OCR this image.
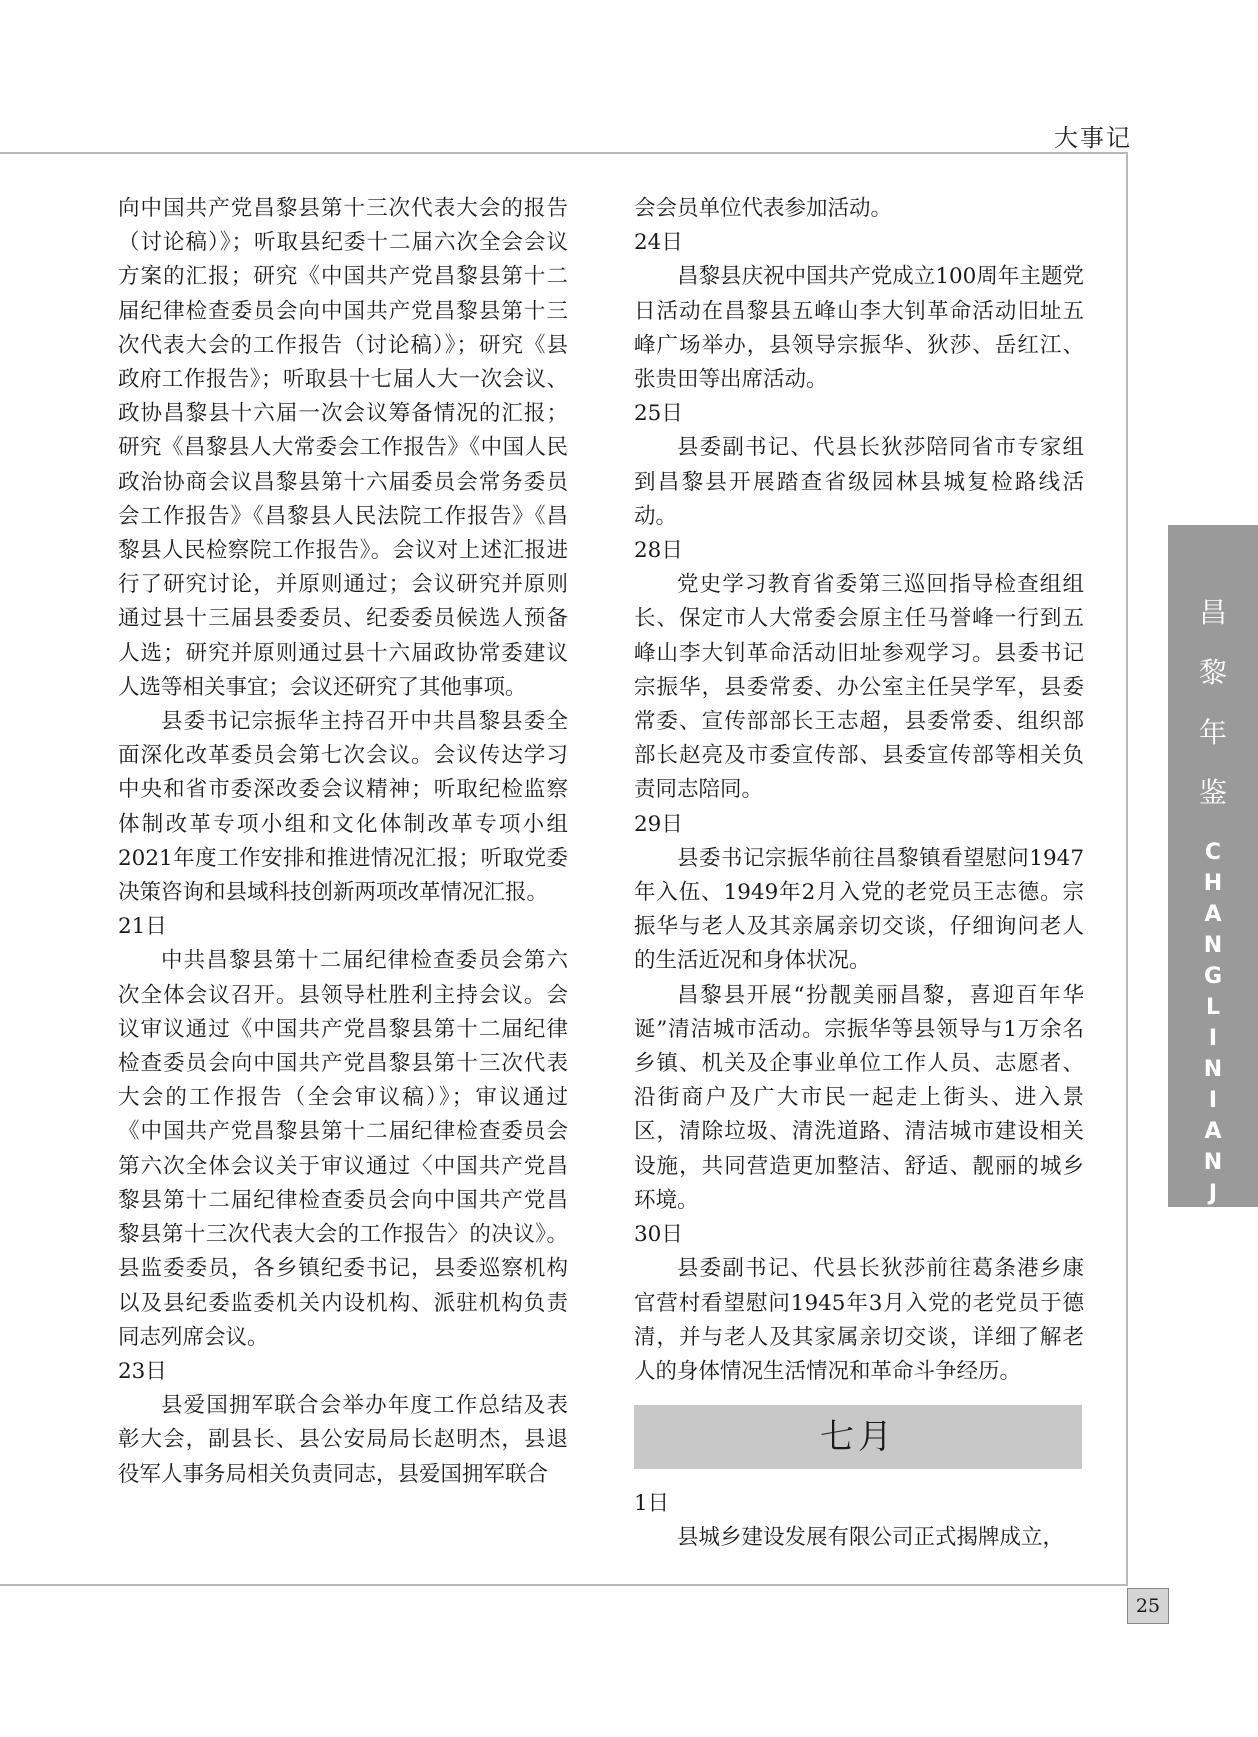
大事记

向中国共产党昌黎县第十三次代表大会的报告（讨论稿）》；听取县纪委十二届六次全会会议方案的汇报；研究《中国共产党昌黎县第十二届纪律检查委员会向中国共产党昌黎县第十三次代表大会的工作报告（讨论稿）》；研究《县政府工作报告》；听取县十七届人大一次会议、政协昌黎县十六届一次会议筹备情况的汇报；研究《昌黎县人大常委会工作报告》《中国人民政治协商会议昌黎县第十六届委员会常务委员会工作报告》《昌黎县人民法院工作报告》《昌黎县人民检察院工作报告》。会议对上述汇报进行了研究讨论，并原则通过；会议研究并原则通过县十三届县委委员、纪委委员候选人预备人选；研究并原则通过县十六届政协常委建议人选等相关事宜；会议还研究了其他事项。

县委书记宗振华主持召开中共昌黎县委全面深化改革委员会第七次会议。会议传达学习中央和省市委深改委会议精神；听取纪检监察体制改革专项小组和文化体制改革专项小组2021年度工作安排和推进情况汇报；听取党委决策咨询和县域科技创新两项改革情况汇报。

21日

中共昌黎县第十二届纪律检查委员会第六次全体会议召开。县领导杜胜利主持会议。会议审议通过《中国共产党昌黎县第十二届纪律检查委员会向中国共产党昌黎县第十三次代表大会的工作报告（全会审议稿）》；审议通过《中国共产党昌黎县第十二届纪律检查委员会第六次全体会议关于审议通过〈中国共产党昌黎县第十二届纪律检查委员会向中国共产党昌黎县第十三次代表大会的工作报告〉的决议》。县监委委员，各乡镇纪委书记，县委巡察机构以及县纪委监委机关内设机构、派驻机构负责同志列席会议。

23日

县爱国拥军联合会举办年度工作总结及表彰大会，副县长、县公安局局长赵明杰，县退役军人事务局相关负责同志，县爱国拥军联合

会会员单位代表参加活动。

24日

昌黎县庆祝中国共产党成立100周年主题党日活动在昌黎县五峰山李大钊革命活动旧址五峰广场举办，县领导宗振华、狄莎、岳红江、张贵田等出席活动。

25日

县委副书记、代县长狄莎陪同省市专家组到昌黎县开展踏查省级园林县城复检路线活动。

28日

党史学习教育省委第三巡回指导检查组组长、保定市人大常委会原主任马誉峰一行到五峰山李大钊革命活动旧址参观学习。县委书记宗振华，县委常委、办公室主任吴学军，县委常委、宣传部部长王志超，县委常委、组织部部长赵亮及市委宣传部、县委宣传部等相关负责同志陪同。

29日

县委书记宗振华前往昌黎镇看望慰问1947年入伍、1949年2月入党的老党员王志德。宗振华与老人及其亲属亲切交谈，仔细询问老人的生活近况和身体状况。

昌黎县开展“扮靓美丽昌黎，喜迎百年华诞”清洁城市活动。宗振华等县领导与1万余名乡镇、机关及企事业单位工作人员、志愿者、沿街商户及广大市民一起走上街头、进入景区，清除垃圾、清洗道路、清洁城市建设相关设施，共同营造更加整洁、舒适、靓丽的城乡环境。

30日

县委副书记、代县长狄莎前往葛条港乡康官营村看望慰问1945年3月入党的老党员于德清，并与老人及其家属亲切交谈，详细了解老人的身体情况生活情况和革命斗争经历。

七月

1日

县城乡建设发展有限公司正式揭牌成立，

昌
黎
年
鉴
C
H
A
N
G
L
I
N
I
A
N
J
I
A
N
25
